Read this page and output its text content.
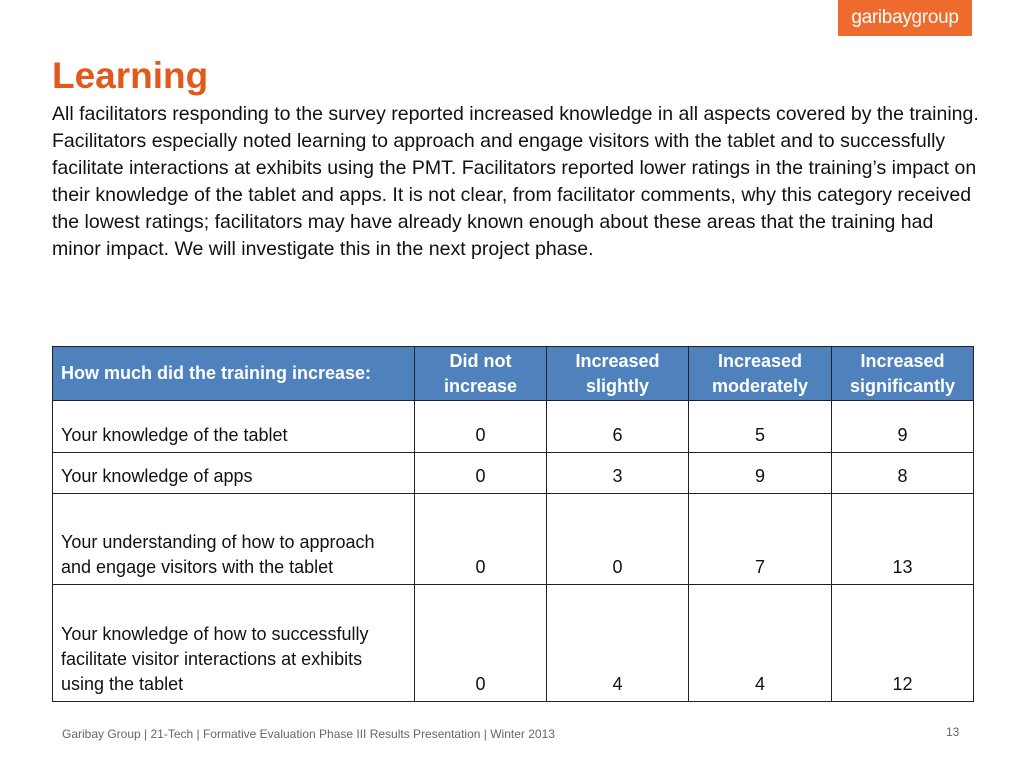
garibay group
Learning

All facilitators responding to the survey reported increased knowledge in all aspects covered by the training. Facilitators especially noted learning to approach and engage visitors with the tablet and to successfully facilitate interactions at exhibits using the PMT. Facilitators reported lower ratings in the training’s impact on their knowledge of the tablet and apps. It is not clear, from facilitator comments, why this category received the lowest ratings; facilitators may have already known enough about these areas that the training had minor impact. We will investigate this in the next project phase.

How much did the training increase:	Did not increase	Increased slightly	Increased moderately	Increased significantly
Your knowledge of the tablet	0	6	5	9
Your knowledge of apps	0	3	9	8
Your understanding of how to approach and engage visitors with the tablet	0	0	7	13
Your knowledge of how to successfully facilitate visitor interactions at exhibits using the tablet	0	4	4	12
Garibay Group | 21-Tech | Formative Evaluation Phase III Results Presentation | Winter 2013	13
